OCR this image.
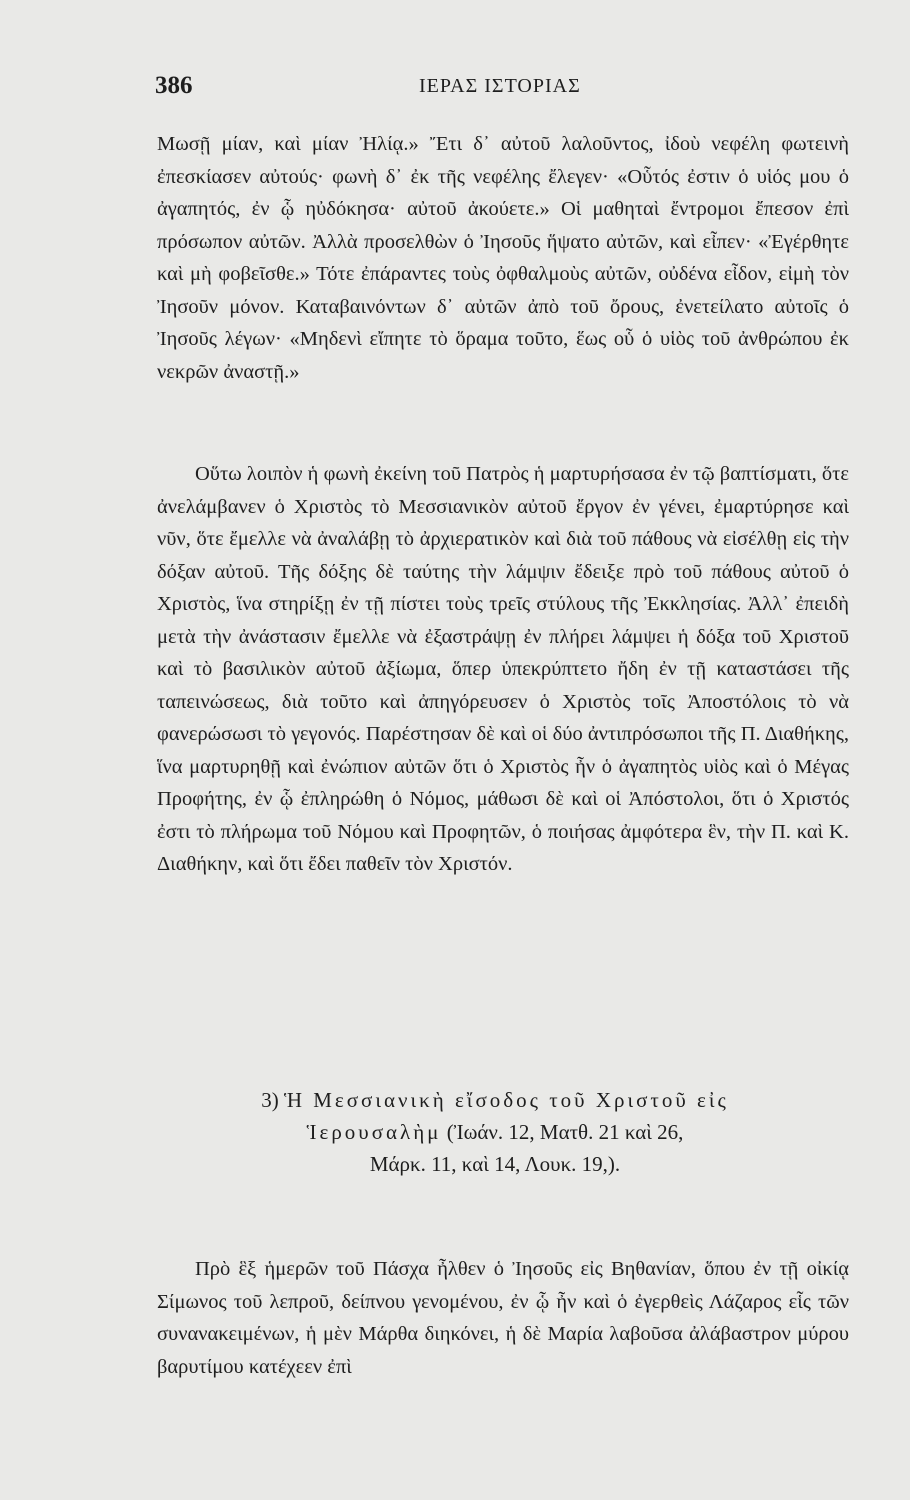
386	ΙΕΡΑΣ ΙΣΤΟΡΙΑΣ

Μωσῇ μίαν, καὶ μίαν Ἠλίᾳ.» Ἔτι δ᾽ αὐτοῦ λαλοῦντος, ἰδοὺ νεφέλη φωτεινὴ ἐπεσκίασεν αὐτούς· φωνὴ δ᾽ ἐκ τῆς νεφέλης ἔλεγεν· «Οὗτός ἐστιν ὁ υἱός μου ὁ ἀγαπητός, ἐν ᾧ ηὐδόκησα· αὐτοῦ ἀκούετε.» Οἱ μαθηταὶ ἔντρομοι ἔπεσον ἐπὶ πρόσωπον αὐτῶν. Ἀλλὰ προσελθὼν ὁ Ἰησοῦς ἥψατο αὐτῶν, καὶ εἶπεν· «Ἐγέρθητε καὶ μὴ φοβεῖσθε.» Τότε ἐπάραντες τοὺς ὀφθαλμοὺς αὐτῶν, οὐδένα εἶδον, εἰμὴ τὸν Ἰησοῦν μόνον. Καταβαινόντων δ᾽ αὐτῶν ἀπὸ τοῦ ὄρους, ἐνετείλατο αὐτοῖς ὁ Ἰησοῦς λέγων· «Μηδενὶ εἴπητε τὸ ὅραμα τοῦτο, ἕως οὗ ὁ υἱὸς τοῦ ἀνθρώπου ἐκ νεκρῶν ἀναστῇ.»

Οὕτω λοιπὸν ἡ φωνὴ ἐκείνη τοῦ Πατρὸς ἡ μαρτυρήσασα ἐν τῷ βαπτίσματι, ὅτε ἀνελάμβανεν ὁ Χριστὸς τὸ Μεσσιανικὸν αὐτοῦ ἔργον ἐν γένει, ἐμαρτύρησε καὶ νῦν, ὅτε ἔμελλε νὰ ἀναλάβῃ τὸ ἀρχιερατικὸν καὶ διὰ τοῦ πάθους νὰ εἰσέλθῃ εἰς τὴν δόξαν αὐτοῦ. Τῆς δόξης δὲ ταύτης τὴν λάμψιν ἔδειξε πρὸ τοῦ πάθους αὐτοῦ ὁ Χριστὸς, ἵνα στηρίξῃ ἐν τῇ πίστει τοὺς τρεῖς στύλους τῆς Ἐκκλησίας. Ἀλλ᾽ ἐπειδὴ μετὰ τὴν ἀνάστασιν ἔμελλε νὰ ἐξαστράψῃ ἐν πλήρει λάμψει ἡ δόξα τοῦ Χριστοῦ καὶ τὸ βασιλικὸν αὐτοῦ ἀξίωμα, ὅπερ ὑπεκρύπτετο ἤδη ἐν τῇ καταστάσει τῆς ταπεινώσεως, διὰ τοῦτο καὶ ἀπηγόρευσεν ὁ Χριστὸς τοῖς Ἀποστόλοις τὸ νὰ φανερώσωσι τὸ γεγονός. Παρέστησαν δὲ καὶ οἱ δύο ἀντιπρόσωποι τῆς Π. Διαθήκης, ἵνα μαρτυρηθῇ καὶ ἐνώπιον αὐτῶν ὅτι ὁ Χριστὸς ἦν ὁ ἀγαπητὸς υἱὸς καὶ ὁ Μέγας Προφήτης, ἐν ᾧ ἐπληρώθη ὁ Νόμος, μάθωσι δὲ καὶ οἱ Ἀπόστολοι, ὅτι ὁ Χριστός ἐστι τὸ πλήρωμα τοῦ Νόμου καὶ Προφητῶν, ὁ ποιήσας ἀμφότερα ἓν, τὴν Π. καὶ Κ. Διαθήκην, καὶ ὅτι ἔδει παθεῖν τὸν Χριστόν.

3) Ἡ Μεσσιανικὴ εἴσοδος τοῦ Χριστοῦ εἰς Ἱερουσαλὴμ (Ἰωάν. 12, Ματθ. 21 καὶ 26,
Μάρκ. 11, καὶ 14, Λουκ. 19,).

Πρὸ ἓξ ἡμερῶν τοῦ Πάσχα ἦλθεν ὁ Ἰησοῦς εἰς Βηθανίαν, ὅπου ἐν τῇ οἰκίᾳ Σίμωνος τοῦ λεπροῦ, δείπνου γενομένου, ἐν ᾧ ἦν καὶ ὁ ἐγερθεὶς Λάζαρος εἷς τῶν συνανακειμένων, ἡ μὲν Μάρθα διηκόνει, ἡ δὲ Μαρία λαβοῦσα ἀλάβαστρον μύρου βαρυτίμου κατέχεεν ἐπὶ
